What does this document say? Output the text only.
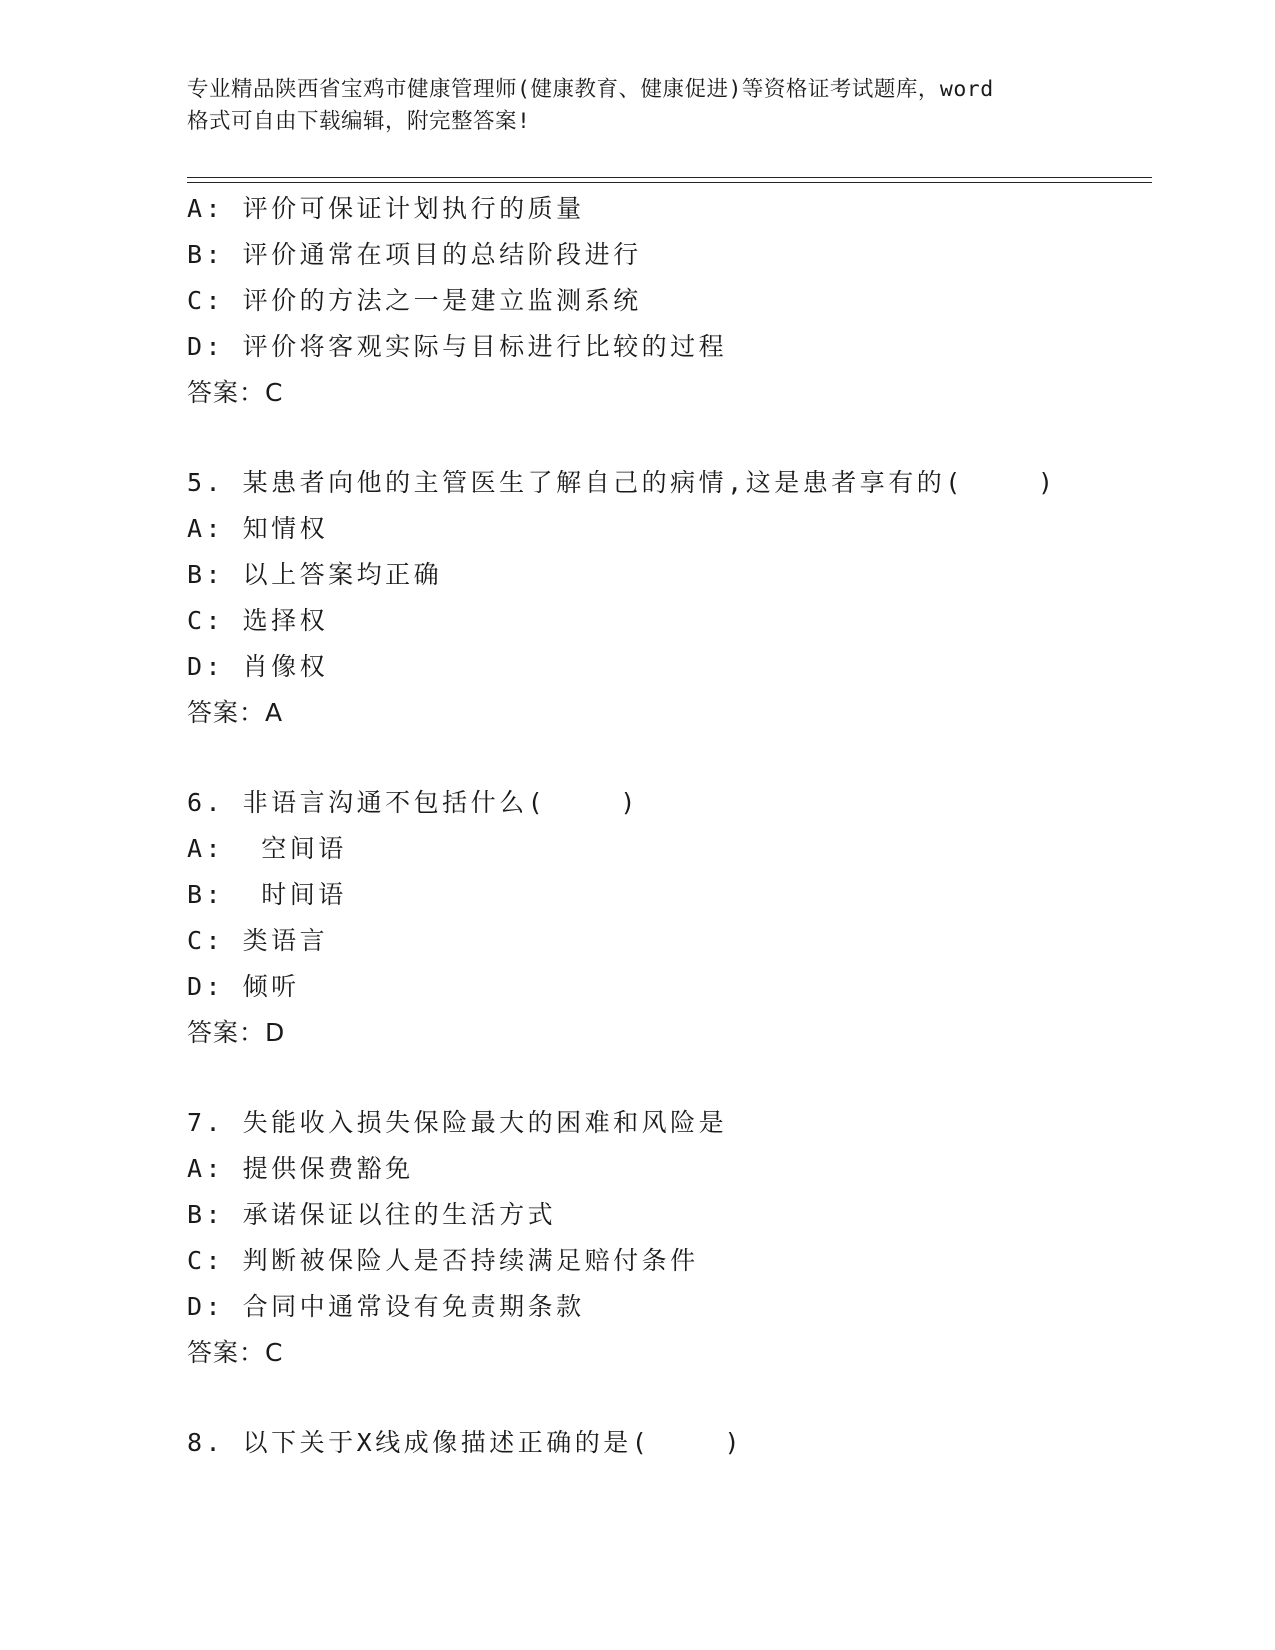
专业精品陕西省宝鸡市健康管理师(健康教育、健康促进)等资格证考试题库，word
格式可自由下载编辑，附完整答案!
A: 评价可保证计划执行的质量
B: 评价通常在项目的总结阶段进行
C: 评价的方法之一是建立监测系统
D: 评价将客观实际与目标进行比较的过程
答案：C
5. 某患者向他的主管医生了解自己的病情,这是患者享有的(    )
A: 知情权
B: 以上答案均正确
C: 选择权
D: 肖像权
答案：A
6. 非语言沟通不包括什么(    )
A:  空间语
B:  时间语
C: 类语言
D: 倾听
答案：D
7. 失能收入损失保险最大的困难和风险是
A: 提供保费豁免
B: 承诺保证以往的生活方式
C: 判断被保险人是否持续满足赔付条件
D: 合同中通常设有免责期条款
答案：C
8. 以下关于X线成像描述正确的是(    )
